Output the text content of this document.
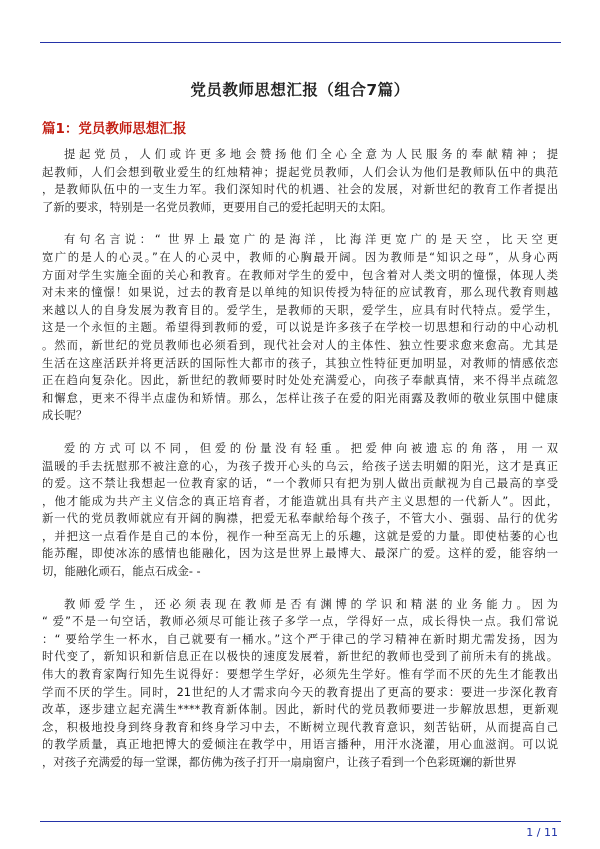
党员教师思想汇报（组合7篇）
篇1：党员教师思想汇报
提起党员，人们或许更多地会赞扬他们全心全意为人民服务的奉献精神；提
起教师，人们会想到敬业爱生的红烛精神；提起党员教师，人们会认为他们是教师队伍中的典范
，是教师队伍中的一支生力军。我们深知时代的机遇、社会的发展，对新世纪的教育工作者提出
了新的要求，特别是一名党员教师，更要用自己的爱托起明天的太阳。
有句名言说：“ 世界上最宽广的是海洋，比海洋更宽广的是天空，比天空更
宽广的是人的心灵。”在人的心灵中，教师的心胸最开阔。因为教师是“知识之母”，从身心两
方面对学生实施全面的关心和教育。在教师对学生的爱中，包含着对人类文明的憧憬，体现人类
对未来的憧憬！如果说，过去的教育是以单纯的知识传授为特征的应试教育，那么现代教育则越
来越以人的自身发展为教育目的。爱学生，是教师的天职，爱学生，应具有时代特点。爱学生，
这是一个永恒的主题。希望得到教师的爱，可以说是许多孩子在学校一切思想和行动的中心动机
。然而，新世纪的党员教师也必须看到，现代社会对人的主体性、独立性要求愈来愈高。尤其是
生活在这座活跃并将更活跃的国际性大都市的孩子，其独立性特征更加明显，对教师的情感依恋
正在趋向复杂化。因此，新世纪的教师要时时处处充满爱心，向孩子奉献真情，来不得半点疏忽
和懈怠，更来不得半点虚伪和矫情。那么，怎样让孩子在爱的阳光雨露及教师的敬业氛围中健康
成长呢？
爱的方式可以不同，但爱的份量没有轻重。把爱伸向被遗忘的角落，用一双
温暖的手去抚慰那不被注意的心，为孩子拨开心头的乌云，给孩子送去明媚的阳光，这才是真正
的爱。这不禁让我想起一位教育家的话，“一个教师只有把为别人做出贡献视为自己最高的享受
，他才能成为共产主义信念的真正培育者，才能造就出具有共产主义思想的一代新人”。因此，
新一代的党员教师就应有开阔的胸襟，把爱无私奉献给每个孩子，不管大小、强弱、品行的优劣
，并把这一点看作是自己的本份，视作一种至高无上的乐趣，这就是爱的力量。即使枯萎的心也
能苏醒，即使冰冻的感情也能融化，因为这是世界上最博大、最深广的爱。这样的爱，能容纳一
切，能融化顽石，能点石成金- -
教师爱学生，还必须表现在教师是否有渊博的学识和精湛的业务能力。因为
“ 爱”不是一句空话，教师必须尽可能让孩子多学一点，学得好一点，成长得快一点。我们常说
：“ 要给学生一杯水，自己就要有一桶水。”这个严于律己的学习精神在新时期尤需发扬，因为
时代变了，新知识和新信息正在以极快的速度发展着，新世纪的教师也受到了前所未有的挑战。
伟大的教育家陶行知先生说得好：要想学生学好，必须先生学好。惟有学而不厌的先生才能教出
学而不厌的学生。同时，21世纪的人才需求向今天的教育提出了更高的要求：要进一步深化教育
改革，逐步建立起充满生****教育新体制。因此，新时代的党员教师要进一步解放思想，更新观
念，积极地投身到终身教育和终身学习中去，不断树立现代教育意识，刻苦钻研，从而提高自己
的教学质量，真正地把博大的爱倾注在教学中，用语言播种，用汗水浇灌，用心血滋润。可以说
，对孩子充满爱的每一堂课，都仿佛为孩子打开一扇扇窗户，让孩子看到一个色彩斑斓的新世界
1 / 11
